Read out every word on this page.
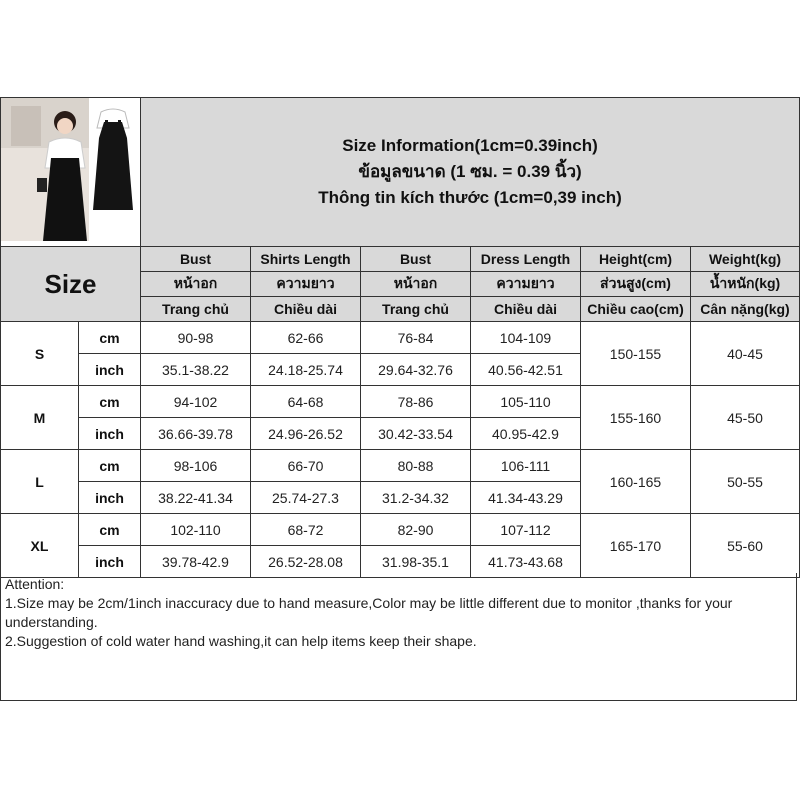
Size Information(1cm=0.39inch)
ข้อมูลขนาด (1 ซม. = 0.39 นิ้ว)
Thông tin kích thước (1cm=0,39 inch)					

Size		Bust	Shirts Length	Bust	Dress Length	Height(cm)	Weight(kg)
		หน้าอก	ความยาว	หน้าอก	ความยาว	ส่วนสูง(cm)	น้ำหนัก(kg)
		Trang chủ	Chiều dài	Trang chủ	Chiều dài	Chiều cao(cm)	Cân nặng(kg)
S	cm	90-98	62-66	76-84	104-109	150-155	40-45
	inch	35.1-38.22	24.18-25.74	29.64-32.76	40.56-42.51		
M	cm	94-102	64-68	78-86	105-110	155-160	45-50
	inch	36.66-39.78	24.96-26.52	30.42-33.54	40.95-42.9		
L	cm	98-106	66-70	80-88	106-111	160-165	50-55
	inch	38.22-41.34	25.74-27.3	31.2-34.32	41.34-43.29		
XL	cm	102-110	68-72	82-90	107-112	165-170	55-60
	inch	39.78-42.9	26.52-28.08	31.98-35.1	41.73-43.68		

Attention:

1.Size may be 2cm/1inch inaccuracy due to hand measure,Color may be little different due to monitor ,thanks for your understanding.

2.Suggestion of cold water hand washing,it can help items keep their shape.
